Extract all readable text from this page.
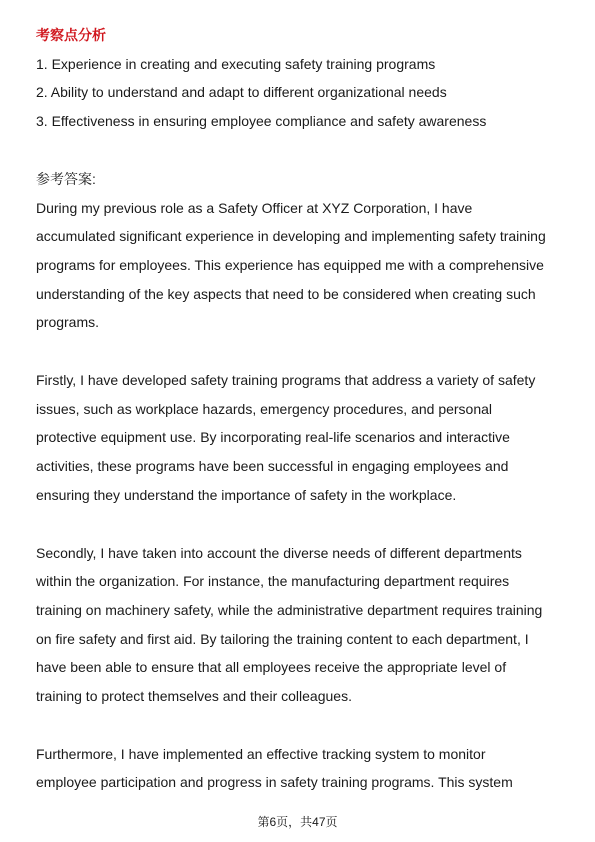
考察点分析
1. Experience in creating and executing safety training programs
2. Ability to understand and adapt to different organizational needs
3. Effectiveness in ensuring employee compliance and safety awareness
参考答案:
During my previous role as a Safety Officer at XYZ Corporation, I have
accumulated significant experience in developing and implementing safety training
programs for employees. This experience has equipped me with a comprehensive
understanding of the key aspects that need to be considered when creating such
programs.
Firstly, I have developed safety training programs that address a variety of safety
issues, such as workplace hazards, emergency procedures, and personal
protective equipment use. By incorporating real-life scenarios and interactive
activities, these programs have been successful in engaging employees and
ensuring they understand the importance of safety in the workplace.
Secondly, I have taken into account the diverse needs of different departments
within the organization. For instance, the manufacturing department requires
training on machinery safety, while the administrative department requires training
on fire safety and first aid. By tailoring the training content to each department, I
have been able to ensure that all employees receive the appropriate level of
training to protect themselves and their colleagues.
Furthermore, I have implemented an effective tracking system to monitor
employee participation and progress in safety training programs. This system
第6页，共47页
